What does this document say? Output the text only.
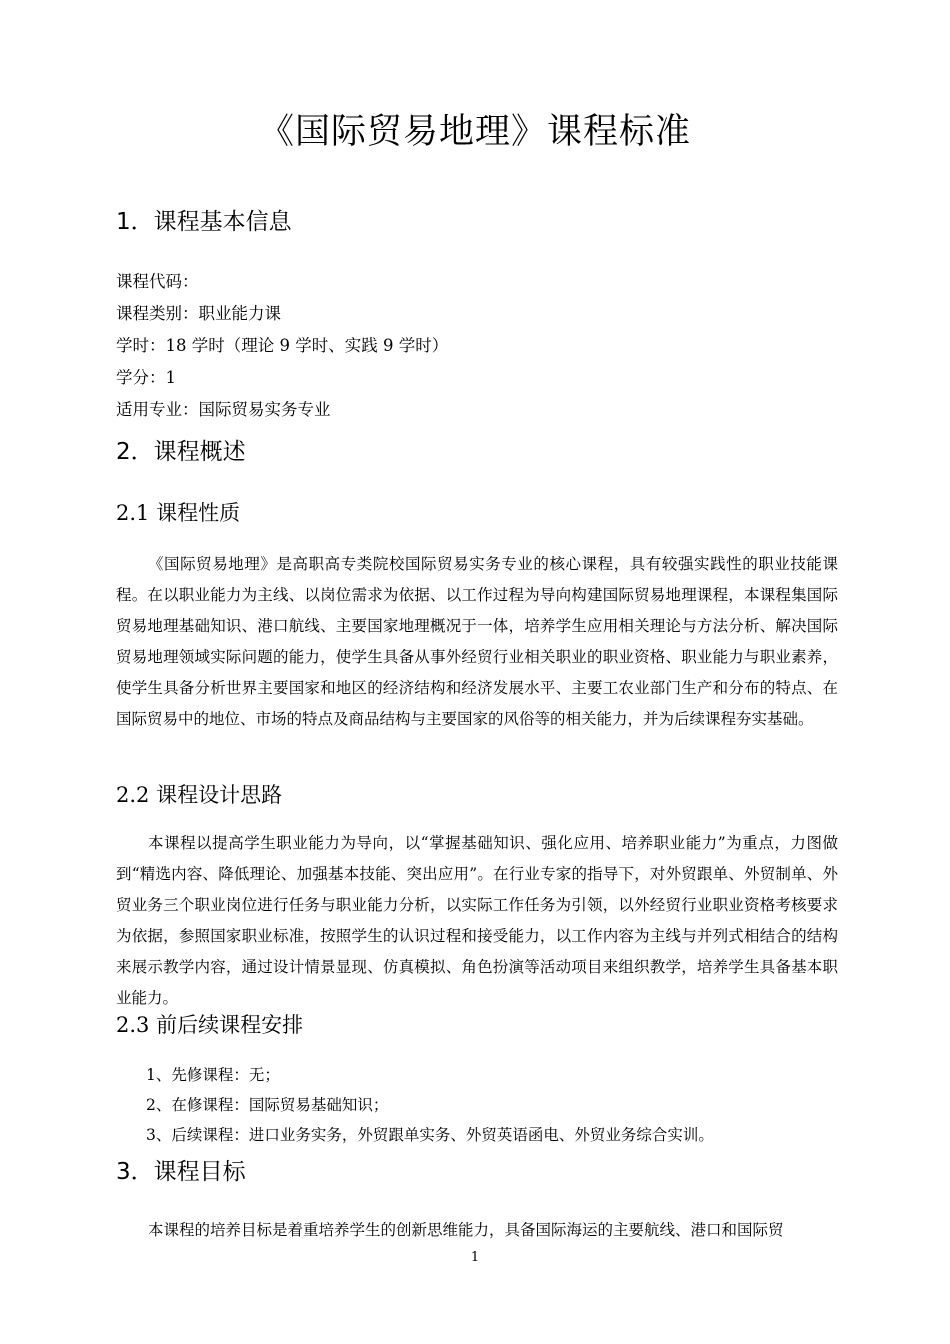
《国际贸易地理》课程标准
1．课程基本信息
课程代码：
课程类别：职业能力课
学时：18 学时（理论 9 学时、实践 9 学时）
学分：1
适用专业：国际贸易实务专业
2．课程概述
2.1 课程性质
《国际贸易地理》是高职高专类院校国际贸易实务专业的核心课程，具有较强实践性的职业技能课程。在以职业能力为主线、以岗位需求为依据、以工作过程为导向构建国际贸易地理课程，本课程集国际贸易地理基础知识、港口航线、主要国家地理概况于一体，培养学生应用相关理论与方法分析、解决国际贸易地理领域实际问题的能力，使学生具备从事外经贸行业相关职业的职业资格、职业能力与职业素养，使学生具备分析世界主要国家和地区的经济结构和经济发展水平、主要工农业部门生产和分布的特点、在国际贸易中的地位、市场的特点及商品结构与主要国家的风俗等的相关能力，并为后续课程夯实基础。
2.2 课程设计思路
本课程以提高学生职业能力为导向，以“掌握基础知识、强化应用、培养职业能力”为重点，力图做到“精选内容、降低理论、加强基本技能、突出应用”。在行业专家的指导下，对外贸跟单、外贸制单、外贸业务三个职业岗位进行任务与职业能力分析，以实际工作任务为引领，以外经贸行业职业资格考核要求为依据，参照国家职业标准，按照学生的认识过程和接受能力，以工作内容为主线与并列式相结合的结构来展示教学内容，通过设计情景显现、仿真模拟、角色扮演等活动项目来组织教学，培养学生具备基本职业能力。
2.3 前后续课程安排
1、先修课程：无；
2、在修课程：国际贸易基础知识；
3、后续课程：进口业务实务，外贸跟单实务、外贸英语函电、外贸业务综合实训。
3．课程目标
本课程的培养目标是着重培养学生的创新思维能力，具备国际海运的主要航线、港口和国际贸
1
